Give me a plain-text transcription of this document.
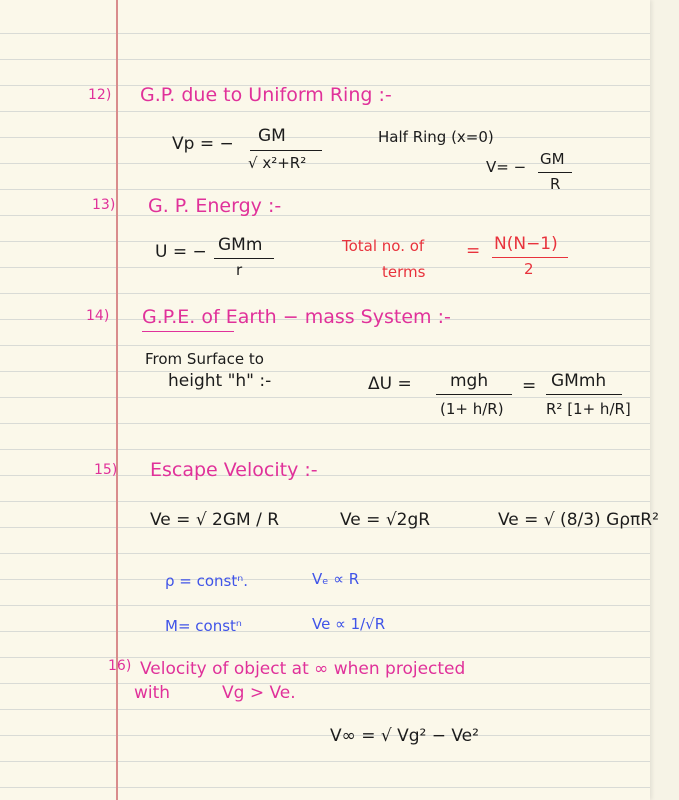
12) G.P. due to Uniform Ring :-
Vp = − GM
√ x²+R²
Half Ring (x=0)
V= − GM
R
13) G. P. Energy :-
U = − GMm
r
Total no. of
terms
= N(N−1)
2
14) G.P.E. of Earth − mass System :-
From Surface to
height "h" :-	ΔU = mgh
(1+ h/R)
= GMmh
R² [1+ h/R]
15) Escape Velocity :-
Ve = √ 2GM / R	Ve = √2gR	Ve = √ (8/3) GρπR²
ρ = constⁿ.	Vₑ ∝ R
M= constⁿ	Ve ∝ 1/√R
16) Velocity of object at ∞ when projected
with	Vg > Ve.
V∞ = √ Vg² − Ve²
